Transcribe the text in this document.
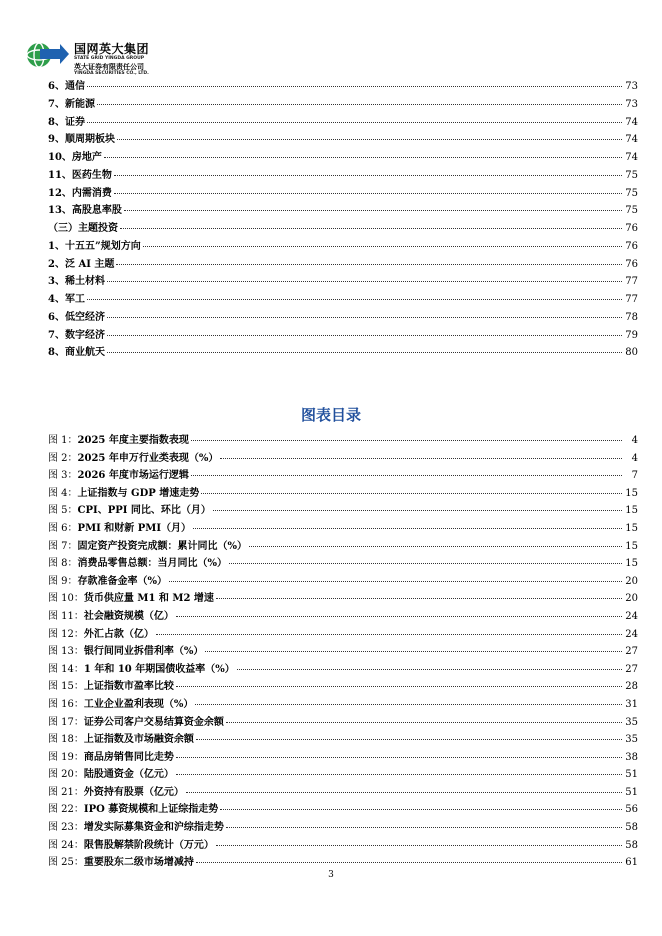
国网英大集团
STATE GRID YINGDA GROUP
英大证券有限责任公司
YINGDA SECURITIES CO., LTD.
6、通信	73
7、新能源	73
8、证券	74
9、顺周期板块	74
10、房地产	74
11、医药生物	75
12、内需消费	75
13、高股息率股	75
（三）主题投资	76
1、十五五”规划方向	76
2、泛 AI 主题	76
3、稀土材料	77
4、军工	77
6、低空经济	78
7、数字经济	79
8、商业航天	80
图表目录
图 1：2025 年度主要指数表现	4
图 2：2025 年申万行业类表现（%）	4
图 3：2026 年度市场运行逻辑	7
图 4：上证指数与 GDP 增速走势	15
图 5：CPI、PPI 同比、环比（月）	15
图 6：PMI 和财新 PMI（月）	15
图 7：固定资产投资完成额：累计同比（%）	15
图 8：消费品零售总额：当月同比（%）	15
图 9：存款准备金率（%）	20
图 10：货币供应量 M1 和 M2 增速	20
图 11：社会融资规模（亿）	24
图 12：外汇占款（亿）	24
图 13：银行间同业拆借利率（%）	27
图 14：1 年和 10 年期国债收益率（%）	27
图 15：上证指数市盈率比较	28
图 16：工业企业盈利表现（%）	31
图 17：证券公司客户交易结算资金余额	35
图 18：上证指数及市场融资余额	35
图 19：商品房销售同比走势	38
图 20：陆股通资金（亿元）	51
图 21：外资持有股票（亿元）	51
图 22：IPO 募资规模和上证综指走势	56
图 23：增发实际募集资金和沪综指走势	58
图 24：限售股解禁阶段统计（万元）	58
图 25：重要股东二级市场增减持	61
3
